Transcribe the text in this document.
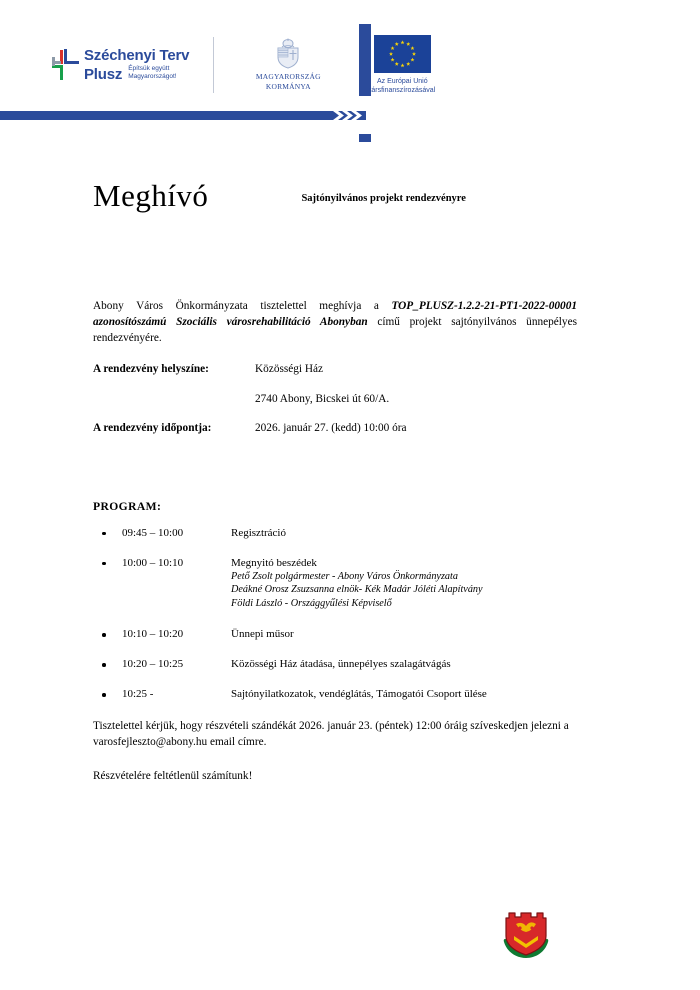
Széchenyi Terv
Plusz Építsük együtt
Magyarországot!	MAGYARORSZÁG
KORMÁNYA
Az Európai Unió
társfinanszírozásával
Meghívó	Sajtónyilvános projekt rendezvényre

Abony Város Önkormányzata tisztelettel meghívja a TOP_PLUSZ-1.2.2-21-PT1-2022-00001 azonosítószámú Szociális városrehabilitáció Abonyban című projekt sajtónyilvános ünnepélyes rendezvényére.

A rendezvény helyszíne:	Közösségi Ház
	2740 Abony, Bicskei út 60/A.
A rendezvény időpontja:	2026. január 27. (kedd) 10:00 óra
PROGRAM:
09:45 – 10:00	Regisztráció
10:00 – 10:10	Megnyitó beszédek
Pető Zsolt polgármester - Abony Város Önkormányzata
Deákné Orosz Zsuzsanna elnök- Kék Madár Jóléti Alapítvány
Földi László - Országgyűlési Képviselő
10:10 – 10:20	Ünnepi műsor
10:20 – 10:25	Közösségi Ház átadása, ünnepélyes szalagátvágás
10:25 -	Sajtónyilatkozatok, vendéglátás, Támogatói Csoport ülése

Tisztelettel kérjük, hogy részvételi szándékát 2026. január 23. (péntek) 12:00 óráig szíveskedjen jelezni a varosfejleszto@abony.hu email címre.

Részvételére feltétlenül számítunk!
